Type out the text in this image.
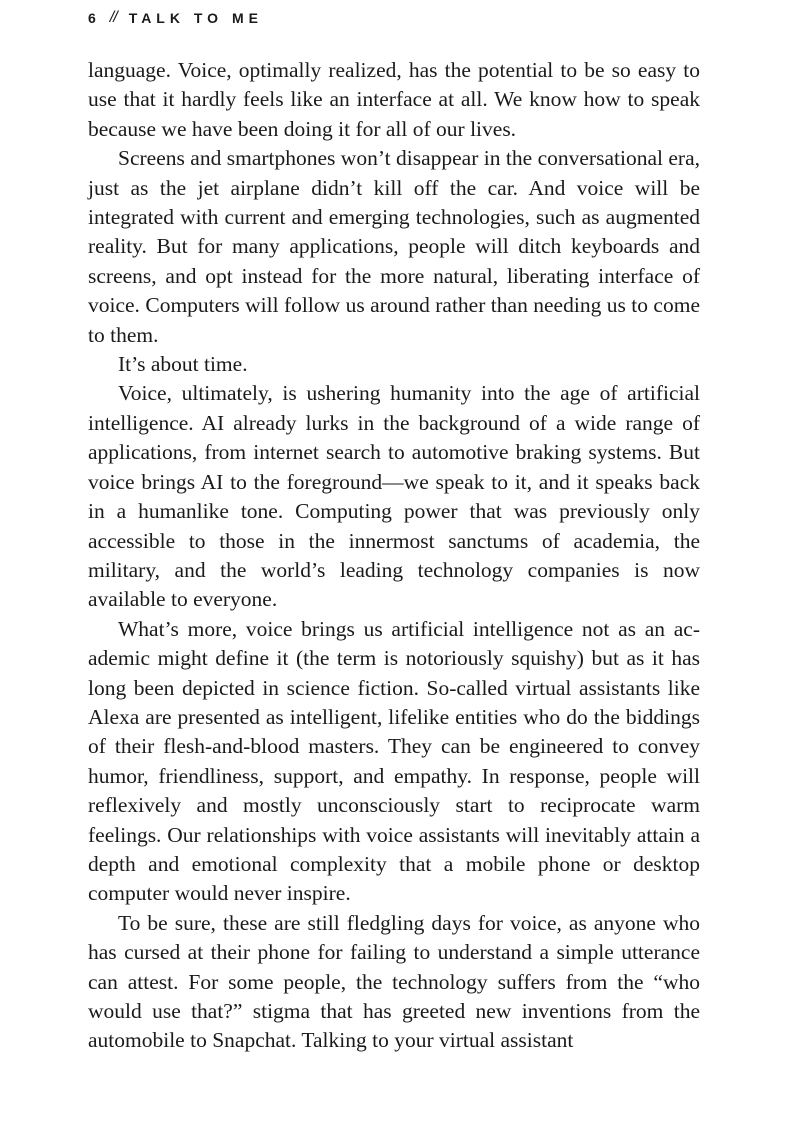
6 // TALK TO ME

language. Voice, optimally realized, has the potential to be so easy to use that it hardly feels like an interface at all. We know how to speak because we have been doing it for all of our lives.

Screens and smartphones won’t disappear in the conversational era, just as the jet airplane didn’t kill off the car. And voice will be integrated with current and emerging technologies, such as augmented reality. But for many applications, people will ditch keyboards and screens, and opt instead for the more natural, liberating interface of voice. Computers will follow us around rather than needing us to come to them.

It’s about time.

Voice, ultimately, is ushering humanity into the age of artificial intelligence. AI already lurks in the background of a wide range of applications, from internet search to automotive braking systems. But voice brings AI to the foreground—we speak to it, and it speaks back in a humanlike tone. Computing power that was previously only accessible to those in the innermost sanctums of academia, the military, and the world’s leading technology companies is now available to everyone.

What’s more, voice brings us artificial intelligence not as an academic might define it (the term is notoriously squishy) but as it has long been depicted in science fiction. So-called virtual assistants like Alexa are presented as intelligent, lifelike entities who do the biddings of their flesh-and-blood masters. They can be engineered to convey humor, friendliness, support, and empathy. In response, people will reflexively and mostly unconsciously start to reciprocate warm feelings. Our relationships with voice assistants will inevitably attain a depth and emotional complexity that a mobile phone or desktop computer would never inspire.

To be sure, these are still fledgling days for voice, as anyone who has cursed at their phone for failing to understand a simple utterance can attest. For some people, the technology suffers from the “who would use that?” stigma that has greeted new inventions from the automobile to Snapchat. Talking to your virtual assistant
